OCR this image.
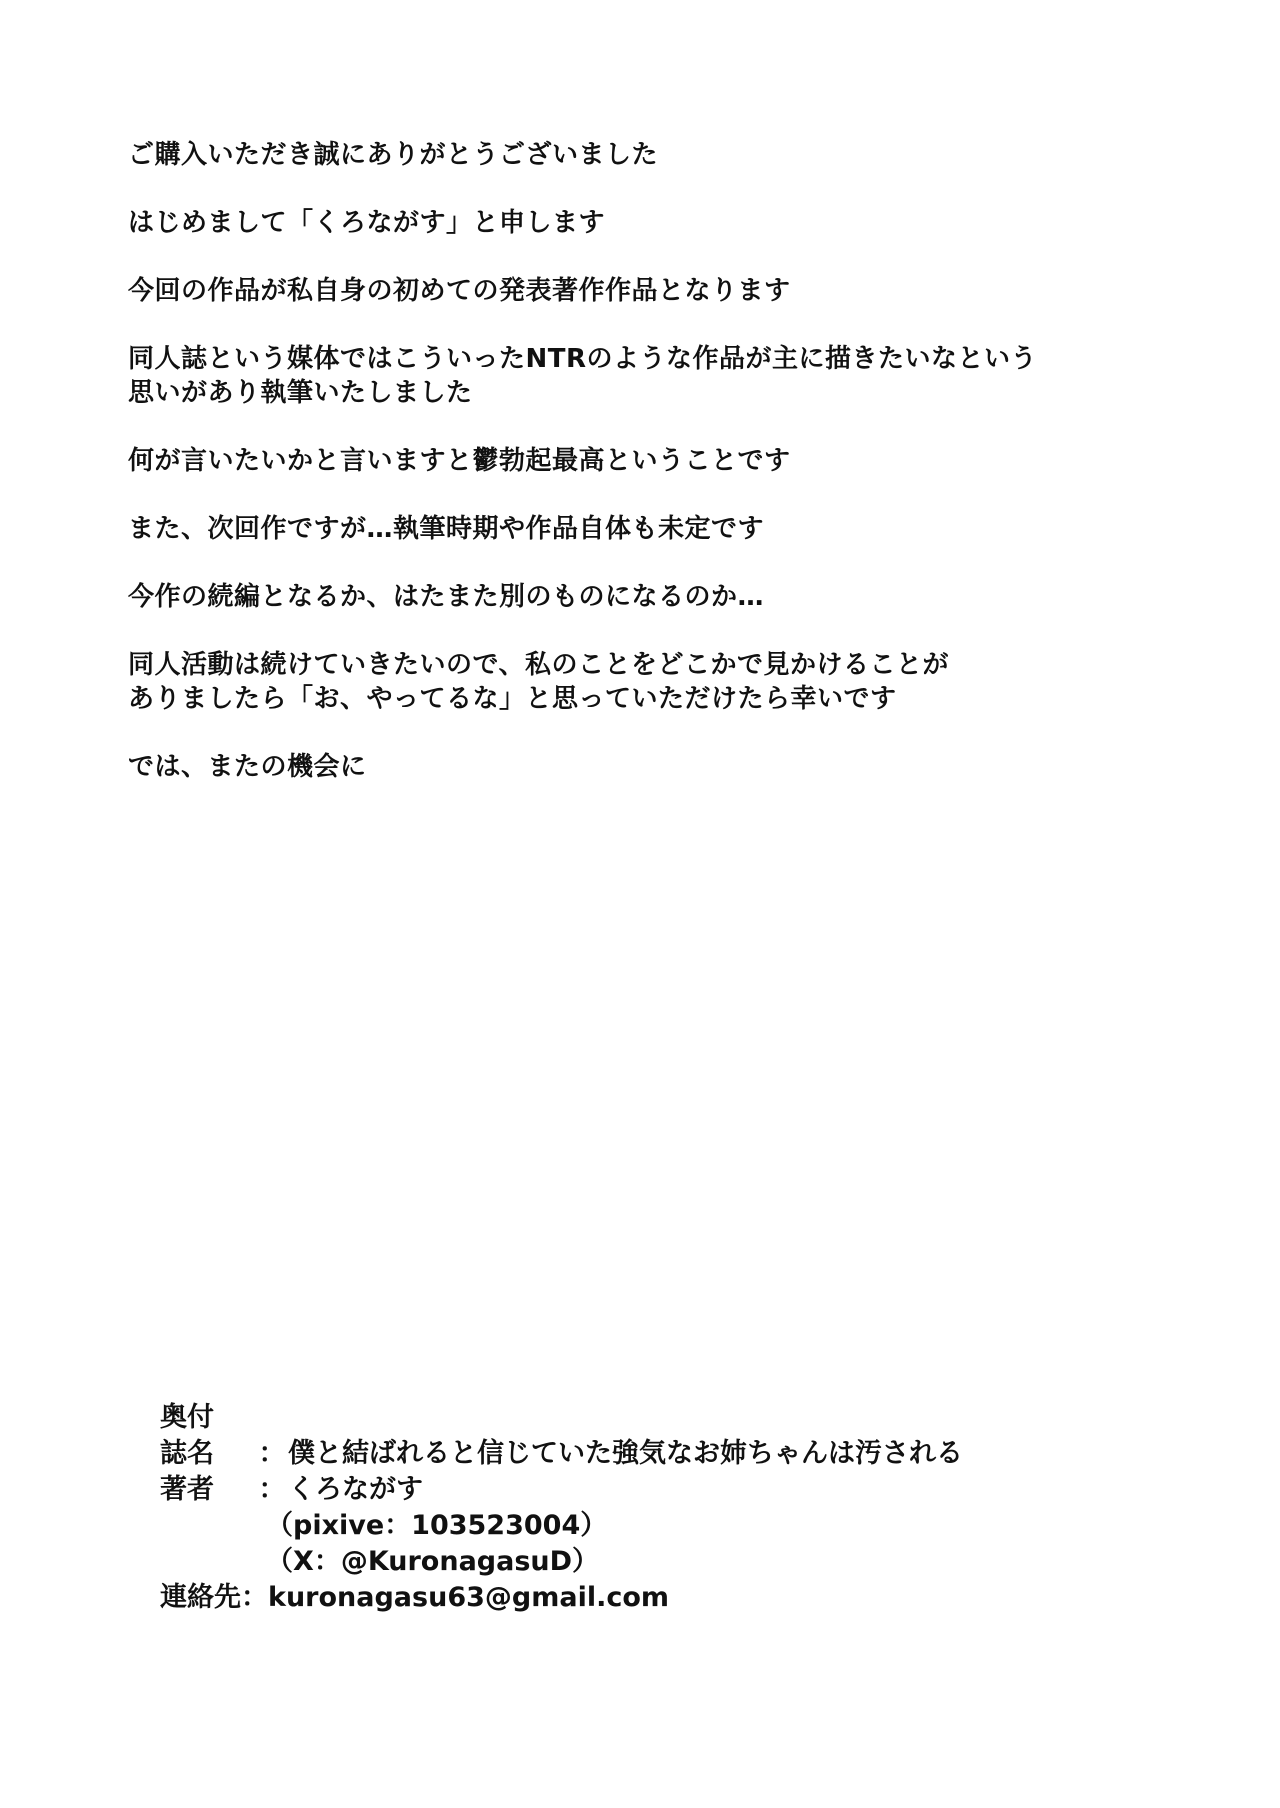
ご購入いただき誠にありがとうございました

はじめまして「くろながす」と申します

今回の作品が私自身の初めての発表著作作品となります

同人誌という媒体ではこういったNTRのような作品が主に描きたいなという
思いがあり執筆いたしました

何が言いたいかと言いますと鬱勃起最高ということです

また、次回作ですが…執筆時期や作品自体も未定です

今作の続編となるか、はたまた別のものになるのか…

同人活動は続けていきたいので、私のことをどこかで見かけることが
ありましたら「お、やってるな」と思っていただけたら幸いです

では、またの機会に

奥付
誌名	： 僕と結ばれると信じていた強気なお姉ちゃんは汚される
著者	： くろながす
（pixive：103523004）
（X：@KuronagasuD）
連絡先 ： kuronagasu63@gmail.com
